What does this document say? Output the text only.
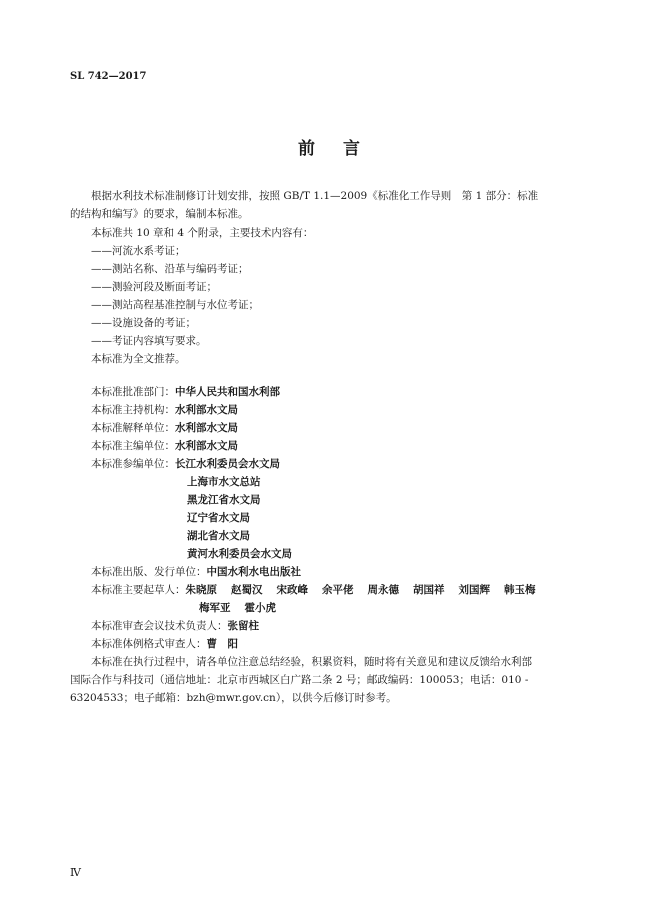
SL 742—2017
前言
根据水利技术标准制修订计划安排，按照 GB/T 1.1—2009《标准化工作导则　第 1 部分：标准
的结构和编写》的要求，编制本标准。
本标准共 10 章和 4 个附录，主要技术内容有：
——河流水系考证；
——测站名称、沿革与编码考证；
——测验河段及断面考证；
——测站高程基准控制与水位考证；
——设施设备的考证；
——考证内容填写要求。
本标准为全文推荐。
本标准批准部门：中华人民共和国水利部
本标准主持机构：水利部水文局
本标准解释单位：水利部水文局
本标准主编单位：水利部水文局
本标准参编单位：长江水利委员会水文局
上海市水文总站
黑龙江省水文局
辽宁省水文局
湖北省水文局
黄河水利委员会水文局
本标准出版、发行单位：中国水利水电出版社
本标准主要起草人：朱晓原 赵蜀汉 宋政峰 余平佬 周永德 胡国祥 刘国辉 韩玉梅
梅军亚 霍小虎
本标准审查会议技术负责人：张留柱
本标准体例格式审查人：曹　阳
本标准在执行过程中，请各单位注意总结经验，积累资料，随时将有关意见和建议反馈给水利部
国际合作与科技司（通信地址：北京市西城区白广路二条 2 号；邮政编码：100053；电话：010 -
63204533；电子邮箱：bzh@mwr.gov.cn），以供今后修订时参考。
Ⅳ
